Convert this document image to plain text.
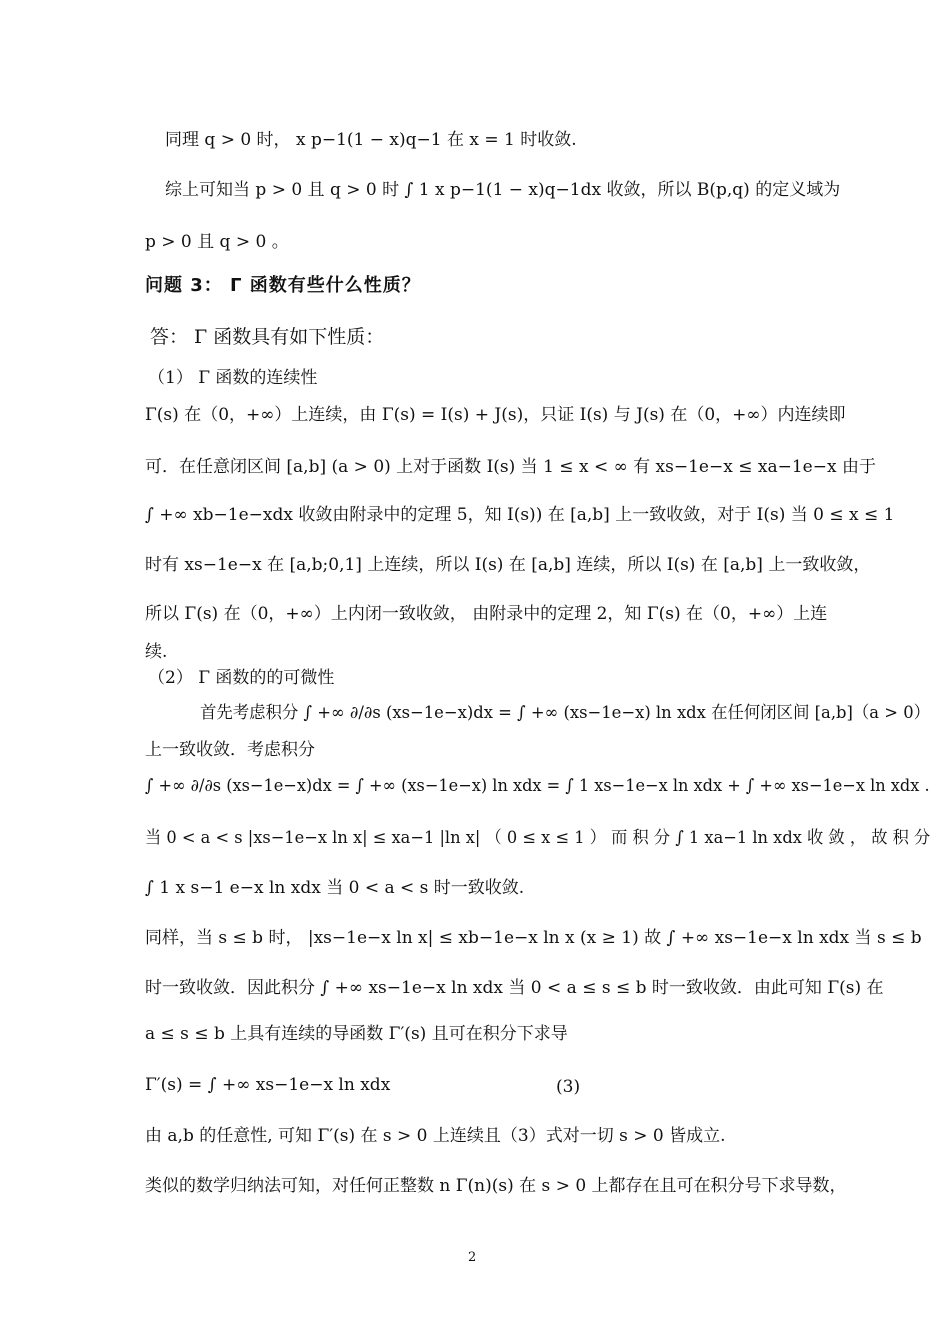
同理 q > 0 时， x p−1(1 − x)q−1 在 x = 1 时收敛.
综上可知当 p > 0 且 q > 0 时 ∫ 1 x p−1(1 − x)q−1dx 收敛，所以 B(p,q) 的定义域为
p > 0 且 q > 0 。
问题 3： Γ 函数有些什么性质？
答： Γ 函数具有如下性质：
（1） Γ 函数的连续性
Γ(s) 在（0，+∞）上连续，由 Γ(s) = I(s) + J(s)，只证 I(s) 与 J(s) 在（0，+∞）内连续即
可．在任意闭区间 [a,b] (a > 0) 上对于函数 I(s) 当 1 ≤ x < ∞ 有 xs−1e−x ≤ xa−1e−x 由于
∫ +∞ xb−1e−xdx 收敛由附录中的定理 5，知 I(s)) 在 [a,b] 上一致收敛，对于 I(s) 当 0 ≤ x ≤ 1
时有 xs−1e−x 在 [a,b;0,1] 上连续，所以 I(s) 在 [a,b] 连续，所以 I(s) 在 [a,b] 上一致收敛，
所以 Γ(s) 在（0，+∞）上内闭一致收敛， 由附录中的定理 2，知 Γ(s) 在（0，+∞）上连
续.
（2） Γ 函数的的可微性
首先考虑积分 ∫ +∞ ∂/∂s (xs−1e−x)dx = ∫ +∞ (xs−1e−x) ln xdx 在任何闭区间 [a,b]（a > 0）
上一致收敛．考虑积分
∫ +∞ ∂/∂s (xs−1e−x)dx = ∫ +∞ (xs−1e−x) ln xdx = ∫ 1 xs−1e−x ln xdx + ∫ +∞ xs−1e−x ln xdx .
当 0 < a < s |xs−1e−x ln x| ≤ xa−1 |ln x| （ 0 ≤ x ≤ 1 ） 而 积 分 ∫ 1 xa−1 ln xdx 收 敛 ， 故 积 分
∫ 1 x s−1 e−x ln xdx 当 0 < a < s 时一致收敛.
同样，当 s ≤ b 时， |xs−1e−x ln x| ≤ xb−1e−x ln x (x ≥ 1) 故 ∫ +∞ xs−1e−x ln xdx 当 s ≤ b
时一致收敛．因此积分 ∫ +∞ xs−1e−x ln xdx 当 0 < a ≤ s ≤ b 时一致收敛．由此可知 Γ(s) 在
a ≤ s ≤ b 上具有连续的导函数 Γ′(s) 且可在积分下求导
Γ′(s) = ∫ +∞ xs−1e−x ln xdx	(3)
由 a,b 的任意性, 可知 Γ′(s) 在 s > 0 上连续且（3）式对一切 s > 0 皆成立.
类似的数学归纳法可知，对任何正整数 n Γ(n)(s) 在 s > 0 上都存在且可在积分号下求导数，
2
